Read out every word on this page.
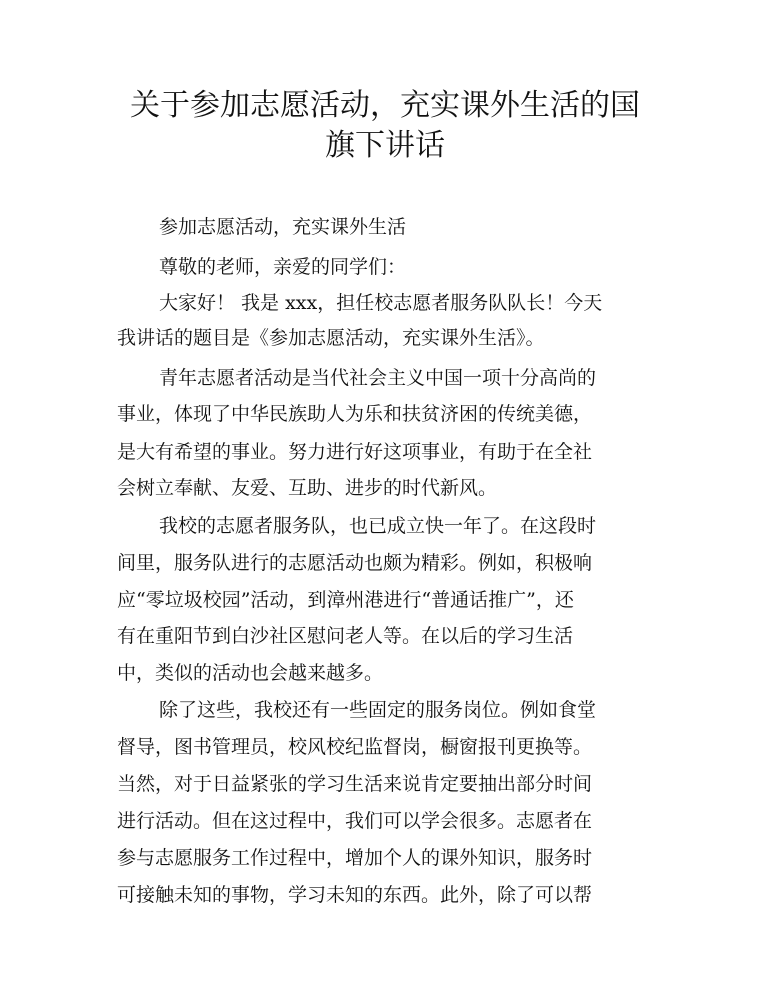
关于参加志愿活动，充实课外生活的国
旗下讲话

参加志愿活动，充实课外生活

尊敬的老师，亲爱的同学们：

大家好！ 我是 xxx，担任校志愿者服务队队长！今天

我讲话的题目是《参加志愿活动，充实课外生活》。

青年志愿者活动是当代社会主义中国一项十分高尚的

事业，体现了中华民族助人为乐和扶贫济困的传统美德，

是大有希望的事业。努力进行好这项事业，有助于在全社

会树立奉献、友爱、互助、进步的时代新风。

我校的志愿者服务队，也已成立快一年了。在这段时

间里，服务队进行的志愿活动也颇为精彩。例如，积极响

应“零垃圾校园”活动，到漳州港进行“普通话推广”，还

有在重阳节到白沙社区慰问老人等。在以后的学习生活

中，类似的活动也会越来越多。

除了这些，我校还有一些固定的服务岗位。例如食堂

督导，图书管理员，校风校纪监督岗，橱窗报刊更换等。

当然，对于日益紧张的学习生活来说肯定要抽出部分时间

进行活动。但在这过程中，我们可以学会很多。志愿者在

参与志愿服务工作过程中，增加个人的课外知识，服务时

可接触未知的事物，学习未知的东西。此外，除了可以帮
